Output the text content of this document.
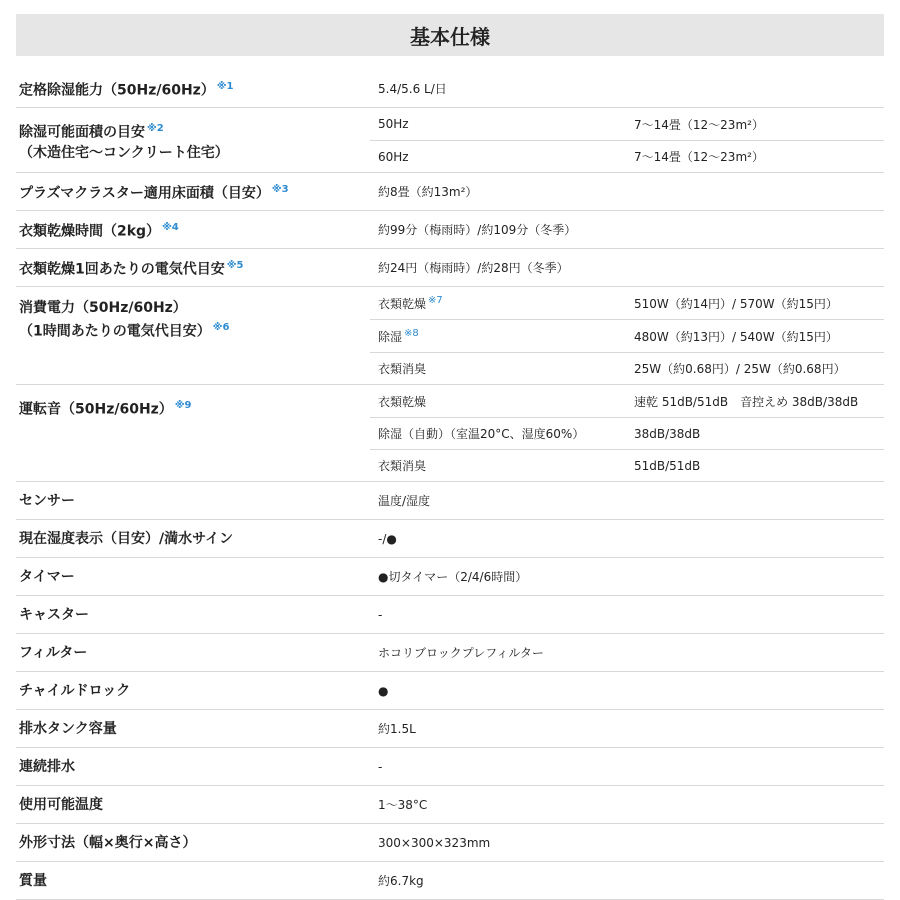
基本仕様
定格除湿能力（50Hz/60Hz） $^{※1}$	5.4/5.6 L/日	

除湿可能面積の目安 $^{※2}$
（木造住宅〜コンクリート住宅）	50Hz	7〜14畳（12〜23m²）
	60Hz	7〜14畳（12〜23m²）
プラズマクラスター適用床面積（目安） $^{※3}$	約8畳（約13m²）	
衣類乾燥時間（2kg） $^{※4}$	約99分（梅雨時）/約109分（冬季）	
衣類乾燥1回あたりの電気代目安 $^{※5}$	約24円（梅雨時）/約28円（冬季）	

消費電力（50Hz/60Hz）
（1時間あたりの電気代目安） $^{※6}$	衣類乾燥 $^{※7}$	510W（約14円）/ 570W（約15円）
	除湿 $^{※8}$	480W（約13円）/ 540W（約15円）
	衣類消臭	25W（約0.68円）/ 25W（約0.68円）
運転音（50Hz/60Hz） $^{※9}$	衣類乾燥	速乾 51dB/51dB　音控えめ 38dB/38dB
	除湿（自動）（室温20°C、湿度60%）	38dB/38dB
	衣類消臭	51dB/51dB
センサー	温度/湿度	
現在湿度表示（目安）/満水サイン	-/●	
タイマー	●切タイマー（2/4/6時間）	
キャスター	-	
フィルター	ホコリブロックプレフィルター	
チャイルドロック	●	
排水タンク容量	約1.5L	
連続排水	-	
使用可能温度	1〜38°C	
外形寸法（幅×奥行×高さ）	300×300×323mm	
質量	約6.7kg	
